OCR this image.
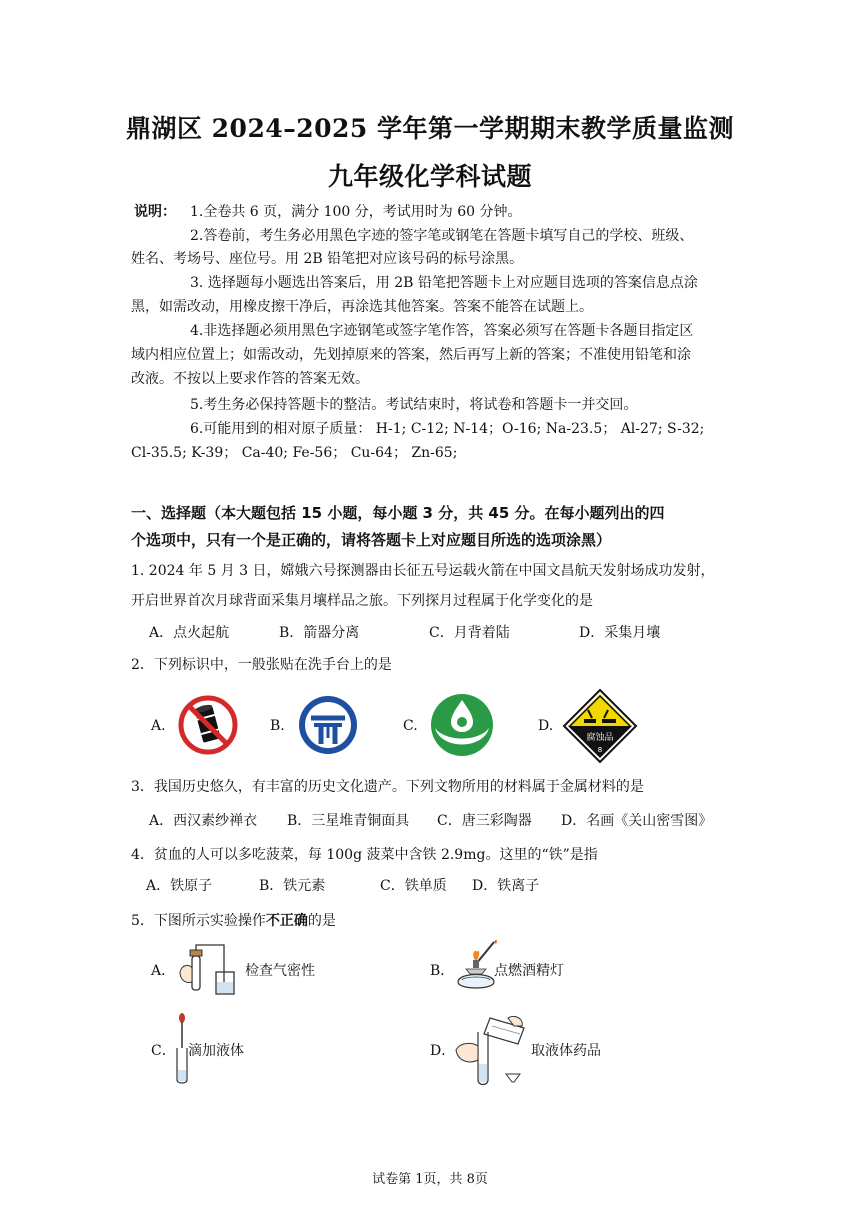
鼎湖区 2024–2025 学年第一学期期末教学质量监测
九年级化学科试题
说明： 1.全卷共 6 页，满分 100 分，考试用时为 60 分钟。
2.答卷前，考生务必用黑色字迹的签字笔或钢笔在答题卡填写自己的学校、班级、
姓名、考场号、座位号。用 2B 铅笔把对应该号码的标号涂黑。
3. 选择题每小题选出答案后，用 2B 铅笔把答题卡上对应题目选项的答案信息点涂
黑，如需改动，用橡皮擦干净后，再涂选其他答案。答案不能答在试题上。
4.非选择题必须用黑色字迹钢笔或签字笔作答，答案必须写在答题卡各题目指定区
域内相应位置上；如需改动，先划掉原来的答案，然后再写上新的答案；不准使用铅笔和涂
改液。不按以上要求作答的答案无效。
5.考生务必保持答题卡的整洁。考试结束时，将试卷和答题卡一并交回。
6.可能用到的相对原子质量： H-1; C-12; N-14；O-16; Na-23.5； Al-27; S-32;
Cl-35.5; K-39； Ca-40; Fe-56； Cu-64； Zn-65;
一、选择题（本大题包括 15 小题，每小题 3 分，共 45 分。在每小题列出的四
个选项中，只有一个是正确的，请将答题卡上对应题目所选的选项涂黑）
1. 2024 年 5 月 3 日，嫦娥六号探测器由长征五号运载火箭在中国文昌航天发射场成功发射，
开启世界首次月球背面采集月壤样品之旅。下列探月过程属于化学变化的是
A．点火起航	B．箭器分离	C．月背着陆	D．采集月壤
2．下列标识中，一般张贴在洗手台上的是
A.	B.	C.	D.
腐蚀品
8
3．我国历史悠久，有丰富的历史文化遗产。下列文物所用的材料属于金属材料的是
A．西汉素纱禅衣 B．三星堆青铜面具 C．唐三彩陶器 D．名画《关山密雪图》
4．贫血的人可以多吃菠菜，每 100g 菠菜中含铁 2.9mg。这里的“铁”是指
A．铁原子	B．铁元素	C．铁单质 D．铁离子
5．下图所示实验操作不正确的是
A．	检查气密性	B．	点燃酒精灯
C． 滴加液体	D．	取液体药品
试卷第 1页，共 8页
